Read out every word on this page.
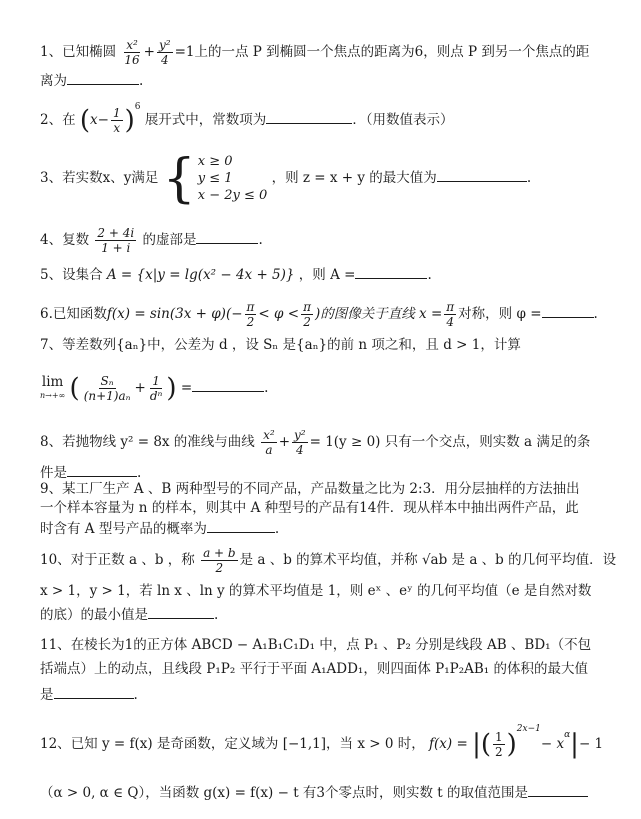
1、已知椭圆 $\frac{\text{x²}}{16} + \frac{\text{y²}}{4} =1$上的一点 P 到椭圆一个焦点的距离为6，则点 P 到另一个焦点的距
离为	.
2、在 $(x- \frac{1}{x} )^6$ 展开式中，常数项为	．（用数值表示）
3、若实数x、y满足 { x ≥ 0
y ≤ 1
x − 2y ≤ 0
，则 z = x + y 的最大值为	.
4、复数 $\frac{2 + 4i}{1 + i}$ 的虚部是	.
5、设集合 A = {x|y = lg(x² − 4x + 5)} ，则 A =	.
6.已知函数$f(x) = \sin(3x + \varphi)(- \frac{\pi}{2} < \varphi < \frac{\pi}{2}$ )的图像关于直线 $x = \frac{\pi}{4}$ 对称，则 φ =	.
7、等差数列{aₙ}中，公差为 d ，设 Sₙ 是{aₙ}的前 n 项之和，且 d > 1，计算
lim
n→+∞ ( $\frac{\text{Sₙ}}{\text{(n+1)aₙ}} + \frac{1}{\text{dⁿ}}$ ) =	.
8、若抛物线 y² = 8x 的准线与曲线 $\frac{\text{x²}}{a} + \frac{\text{y²}}{4} = 1(y \ge 0)$ 只有一个交点，则实数 a 满足的条
件是	.
9、某工厂生产 A 、B 两种型号的不同产品，产品数量之比为 2:3．用分层抽样的方法抽出
一个样本容量为 n 的样本，则其中 A 种型号的产品有14件．现从样本中抽出两件产品，此
时含有 A 型号产品的概率为	.
10、对于正数 a 、b ，称 $\frac{a + b}{2}$ 是 a 、b 的算术平均值，并称 √ab 是 a 、b 的几何平均值．设
x > 1，y > 1，若 ln x 、ln y 的算术平均值是 1，则 eˣ 、eʸ 的几何平均值（e 是自然对数
的底）的最小值是	.
11、在棱长为1的正方体 ABCD − A₁B₁C₁D₁ 中，点 P₁ 、P₂ 分别是线段 AB 、BD₁（不包
括端点）上的动点，且线段 P₁P₂ 平行于平面 A₁ADD₁，则四面体 P₁P₂AB₁ 的体积的最大值
是	.
12、已知 y = f(x) 是奇函数，定义域为 [−1,1]，当 x > 0 时， f(x) = |( $\frac{1}{2} )^{2x-1}- x^\alpha|- 1$
（α > 0, α ∈ Q），当函数 g(x) = f(x) − t 有3个零点时，则实数 t 的取值范围是
